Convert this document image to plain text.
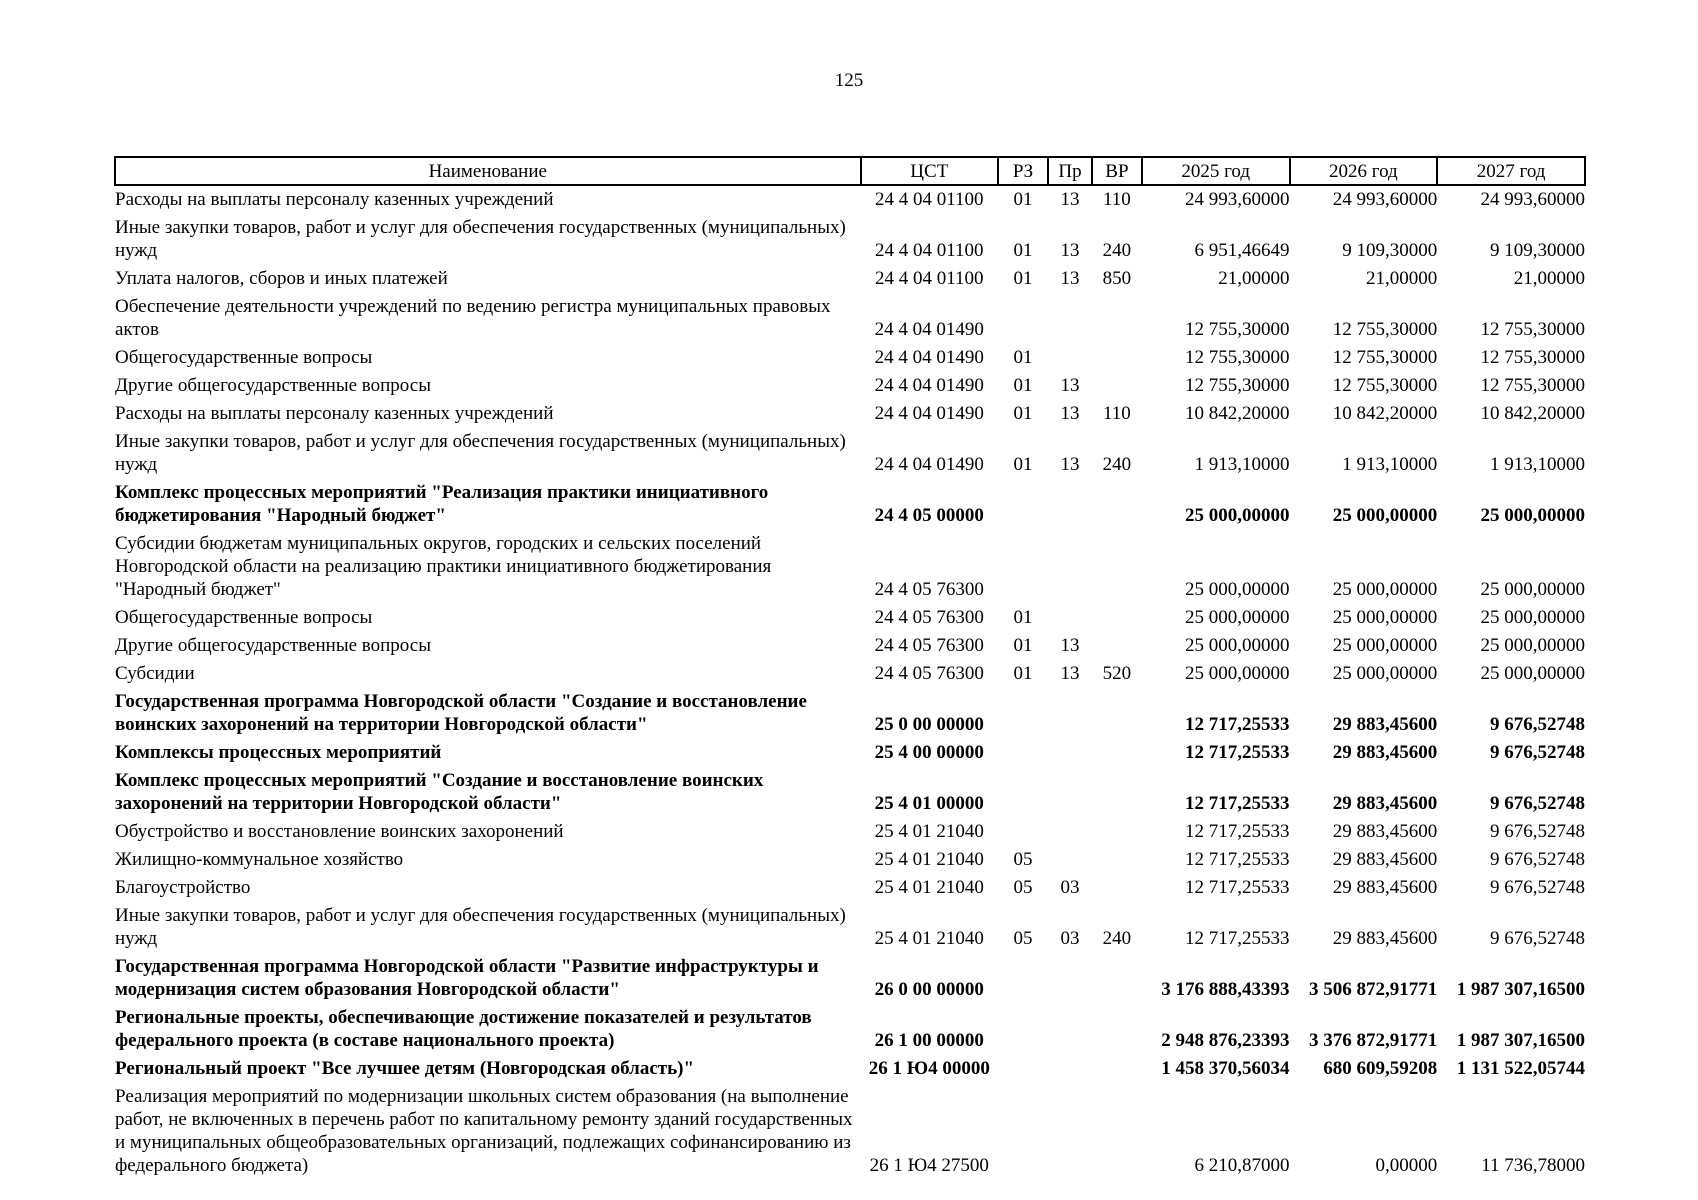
125
Наименование	ЦСТ	РЗ	Пр	ВР	2025 год	2026 год	2027 год
Расходы на выплаты персоналу казенных учреждений	24 4 04 01100	01	13	110	24 993,60000	24 993,60000	24 993,60000
Иные закупки товаров, работ и услуг для обеспечения государственных (муниципальных) нужд	24 4 04 01100	01	13	240	6 951,46649	9 109,30000	9 109,30000
Уплата налогов, сборов и иных платежей	24 4 04 01100	01	13	850	21,00000	21,00000	21,00000
Обеспечение деятельности учреждений по ведению регистра муниципальных правовых актов	24 4 04 01490				12 755,30000	12 755,30000	12 755,30000
Общегосударственные вопросы	24 4 04 01490	01			12 755,30000	12 755,30000	12 755,30000
Другие общегосударственные вопросы	24 4 04 01490	01	13		12 755,30000	12 755,30000	12 755,30000
Расходы на выплаты персоналу казенных учреждений	24 4 04 01490	01	13	110	10 842,20000	10 842,20000	10 842,20000
Иные закупки товаров, работ и услуг для обеспечения государственных (муниципальных) нужд	24 4 04 01490	01	13	240	1 913,10000	1 913,10000	1 913,10000
Комплекс процессных мероприятий "Реализация практики инициативного бюджетирования "Народный бюджет"	24 4 05 00000				25 000,00000	25 000,00000	25 000,00000
Субсидии бюджетам муниципальных округов, городских и сельских поселений Новгородской области на реализацию практики инициативного бюджетирования "Народный бюджет"	24 4 05 76300				25 000,00000	25 000,00000	25 000,00000
Общегосударственные вопросы	24 4 05 76300	01			25 000,00000	25 000,00000	25 000,00000
Другие общегосударственные вопросы	24 4 05 76300	01	13		25 000,00000	25 000,00000	25 000,00000
Субсидии	24 4 05 76300	01	13	520	25 000,00000	25 000,00000	25 000,00000
Государственная программа Новгородской области "Создание и восстановление воинских захоронений на территории Новгородской области"	25 0 00 00000				12 717,25533	29 883,45600	9 676,52748
Комплексы процессных мероприятий	25 4 00 00000				12 717,25533	29 883,45600	9 676,52748
Комплекс процессных мероприятий "Создание и восстановление воинских захоронений на территории Новгородской области"	25 4 01 00000				12 717,25533	29 883,45600	9 676,52748
Обустройство и восстановление воинских захоронений	25 4 01 21040				12 717,25533	29 883,45600	9 676,52748
Жилищно-коммунальное хозяйство	25 4 01 21040	05			12 717,25533	29 883,45600	9 676,52748
Благоустройство	25 4 01 21040	05	03		12 717,25533	29 883,45600	9 676,52748
Иные закупки товаров, работ и услуг для обеспечения государственных (муниципальных) нужд	25 4 01 21040	05	03	240	12 717,25533	29 883,45600	9 676,52748
Государственная программа Новгородской области "Развитие инфраструктуры и модернизация систем образования Новгородской области"	26 0 00 00000				3 176 888,43393	3 506 872,91771	1 987 307,16500
Региональные проекты, обеспечивающие достижение показателей и результатов федерального проекта (в составе национального проекта)	26 1 00 00000				2 948 876,23393	3 376 872,91771	1 987 307,16500
Региональный проект "Все лучшее детям (Новгородская область)"	26 1 Ю4 00000				1 458 370,56034	680 609,59208	1 131 522,05744
Реализация мероприятий по модернизации школьных систем образования (на выполнение работ, не включенных в перечень работ по капитальному ремонту зданий государственных и муниципальных общеобразовательных организаций, подлежащих софинансированию из федерального бюджета)	26 1 Ю4 27500				6 210,87000	0,00000	11 736,78000
